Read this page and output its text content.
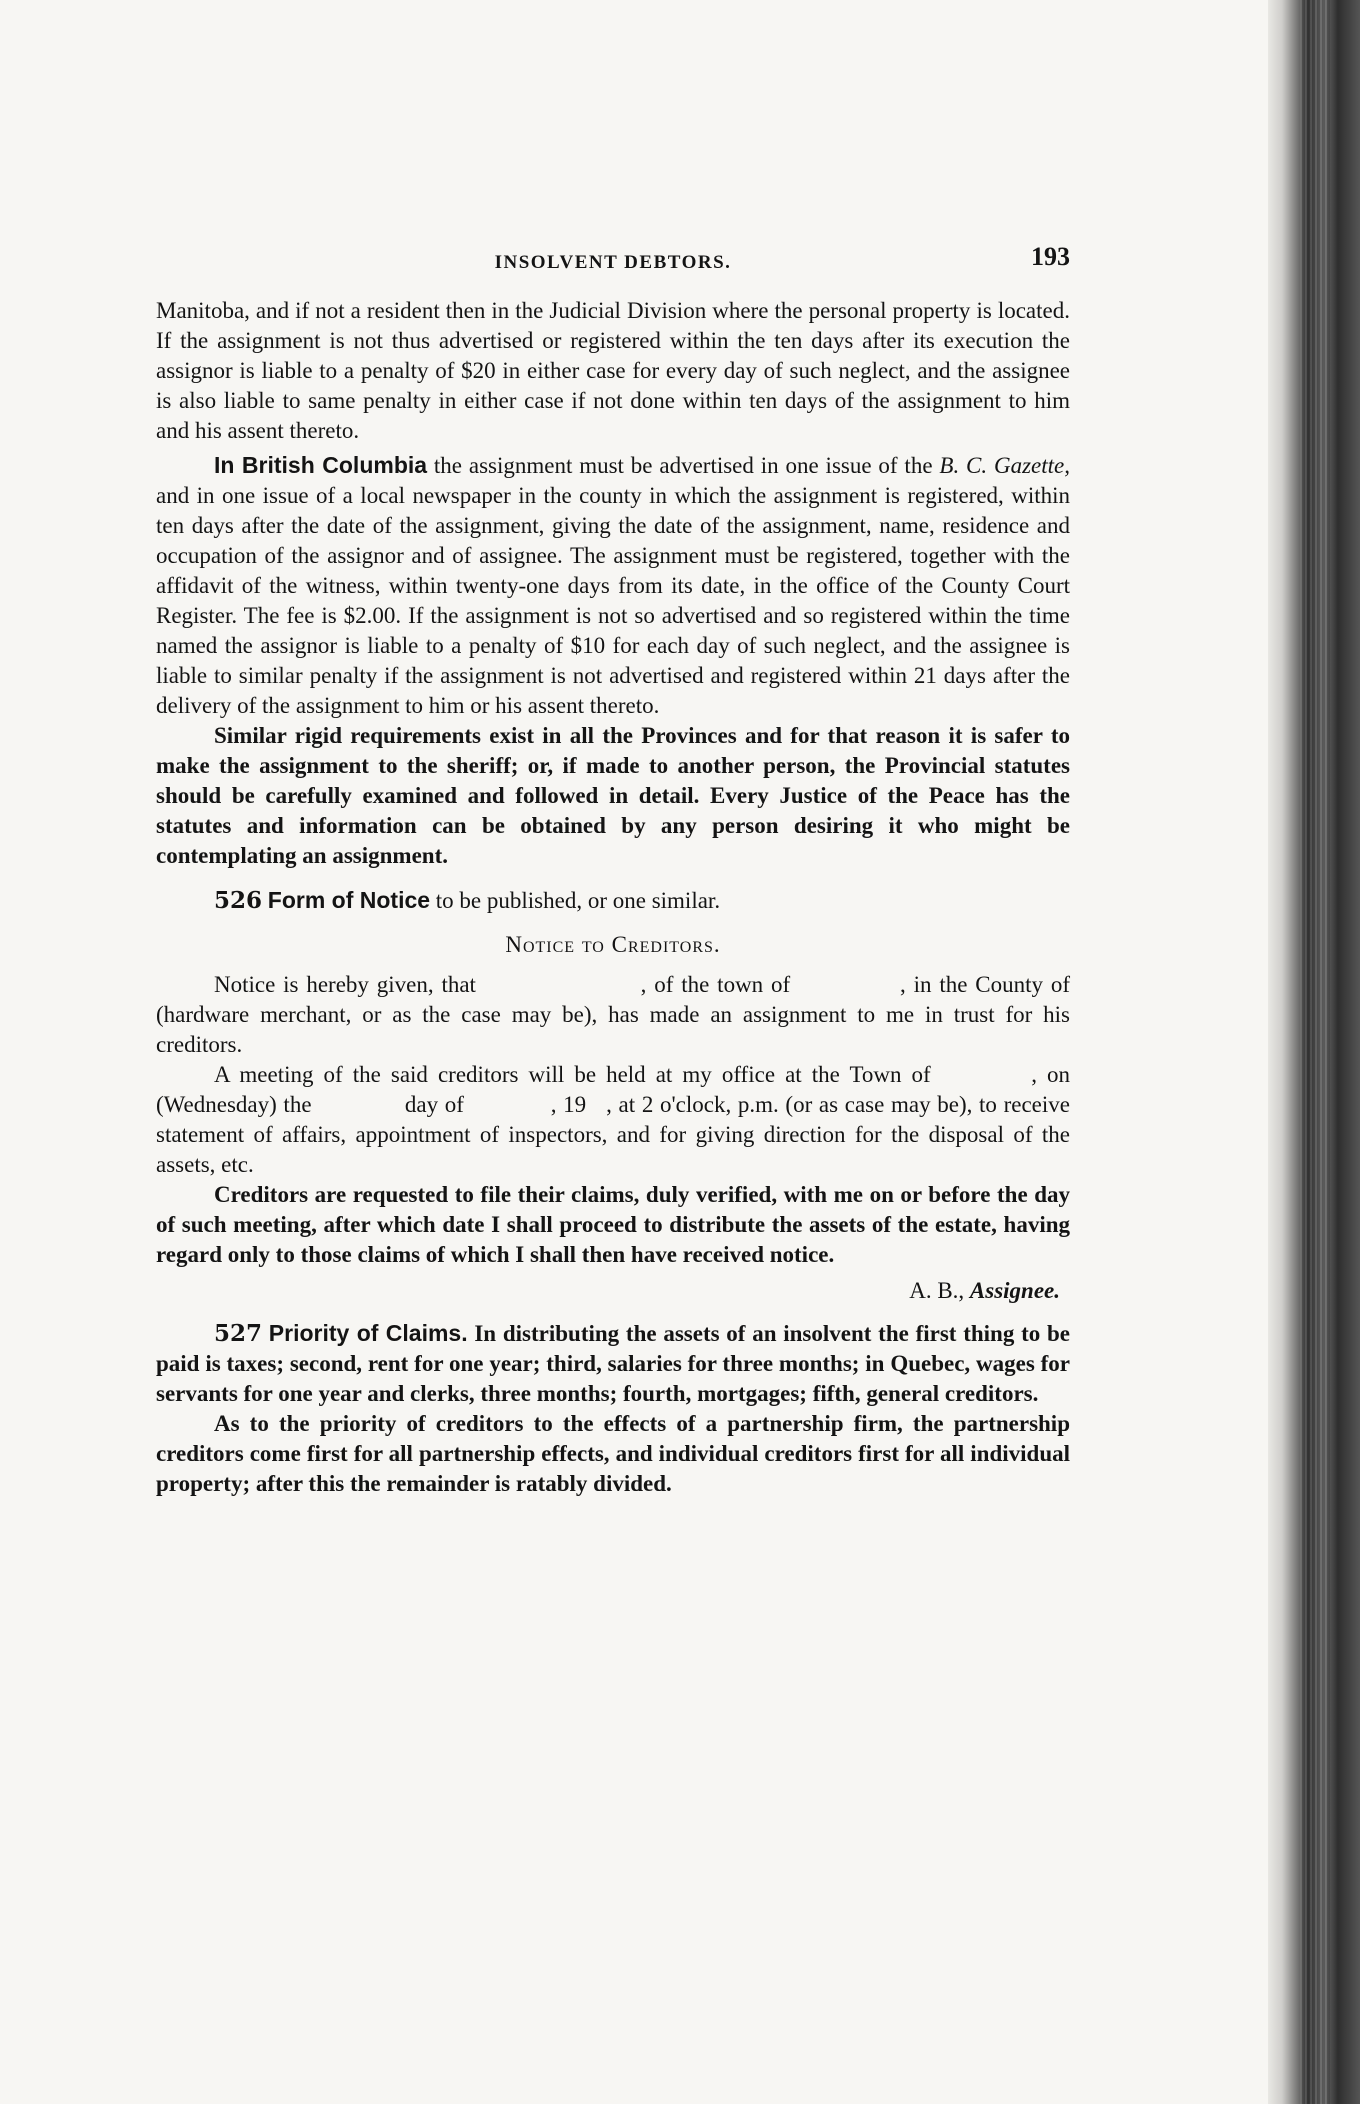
INSOLVENT DEBTORS.	193

Manitoba, and if not a resident then in the Judicial Division where the personal property is located. If the assignment is not thus advertised or registered within the ten days after its execution the assignor is liable to a penalty of $20 in either case for every day of such neglect, and the assignee is also liable to same penalty in either case if not done within ten days of the assignment to him and his assent thereto.

In British Columbia the assignment must be advertised in one issue of the B. C. Gazette, and in one issue of a local newspaper in the county in which the assignment is registered, within ten days after the date of the assignment, giving the date of the assignment, name, residence and occupation of the assignor and of assignee. The assignment must be registered, together with the affidavit of the witness, within twenty-one days from its date, in the office of the County Court Register. The fee is $2.00. If the assignment is not so advertised and so registered within the time named the assignor is liable to a penalty of $10 for each day of such neglect, and the assignee is liable to similar penalty if the assignment is not advertised and registered within 21 days after the delivery of the assignment to him or his assent thereto.

Similar rigid requirements exist in all the Provinces and for that reason it is safer to make the assignment to the sheriff; or, if made to another person, the Provincial statutes should be carefully examined and followed in detail. Every Justice of the Peace has the statutes and information can be obtained by any person desiring it who might be contemplating an assignment.

526 Form of Notice to be published, or one similar.

Notice to Creditors.

Notice is hereby given, that                     , of the town of              , in the County of              (hardware merchant, or as the case may be), has made an assignment to me in trust for his creditors.

A meeting of the said creditors will be held at my office at the Town of          , on (Wednesday) the              day of             , 19   , at 2 o'clock, p.m. (or as case may be), to receive statement of affairs, appointment of inspectors, and for giving direction for the disposal of the assets, etc.

Creditors are requested to file their claims, duly verified, with me on or before the day of such meeting, after which date I shall proceed to distribute the assets of the estate, having regard only to those claims of which I shall then have received notice.

A. B., Assignee.

527 Priority of Claims. In distributing the assets of an insolvent the first thing to be paid is taxes; second, rent for one year; third, salaries for three months; in Quebec, wages for servants for one year and clerks, three months; fourth, mortgages; fifth, general creditors.

As to the priority of creditors to the effects of a partnership firm, the partnership creditors come first for all partnership effects, and individual creditors first for all individual property; after this the remainder is ratably divided.
